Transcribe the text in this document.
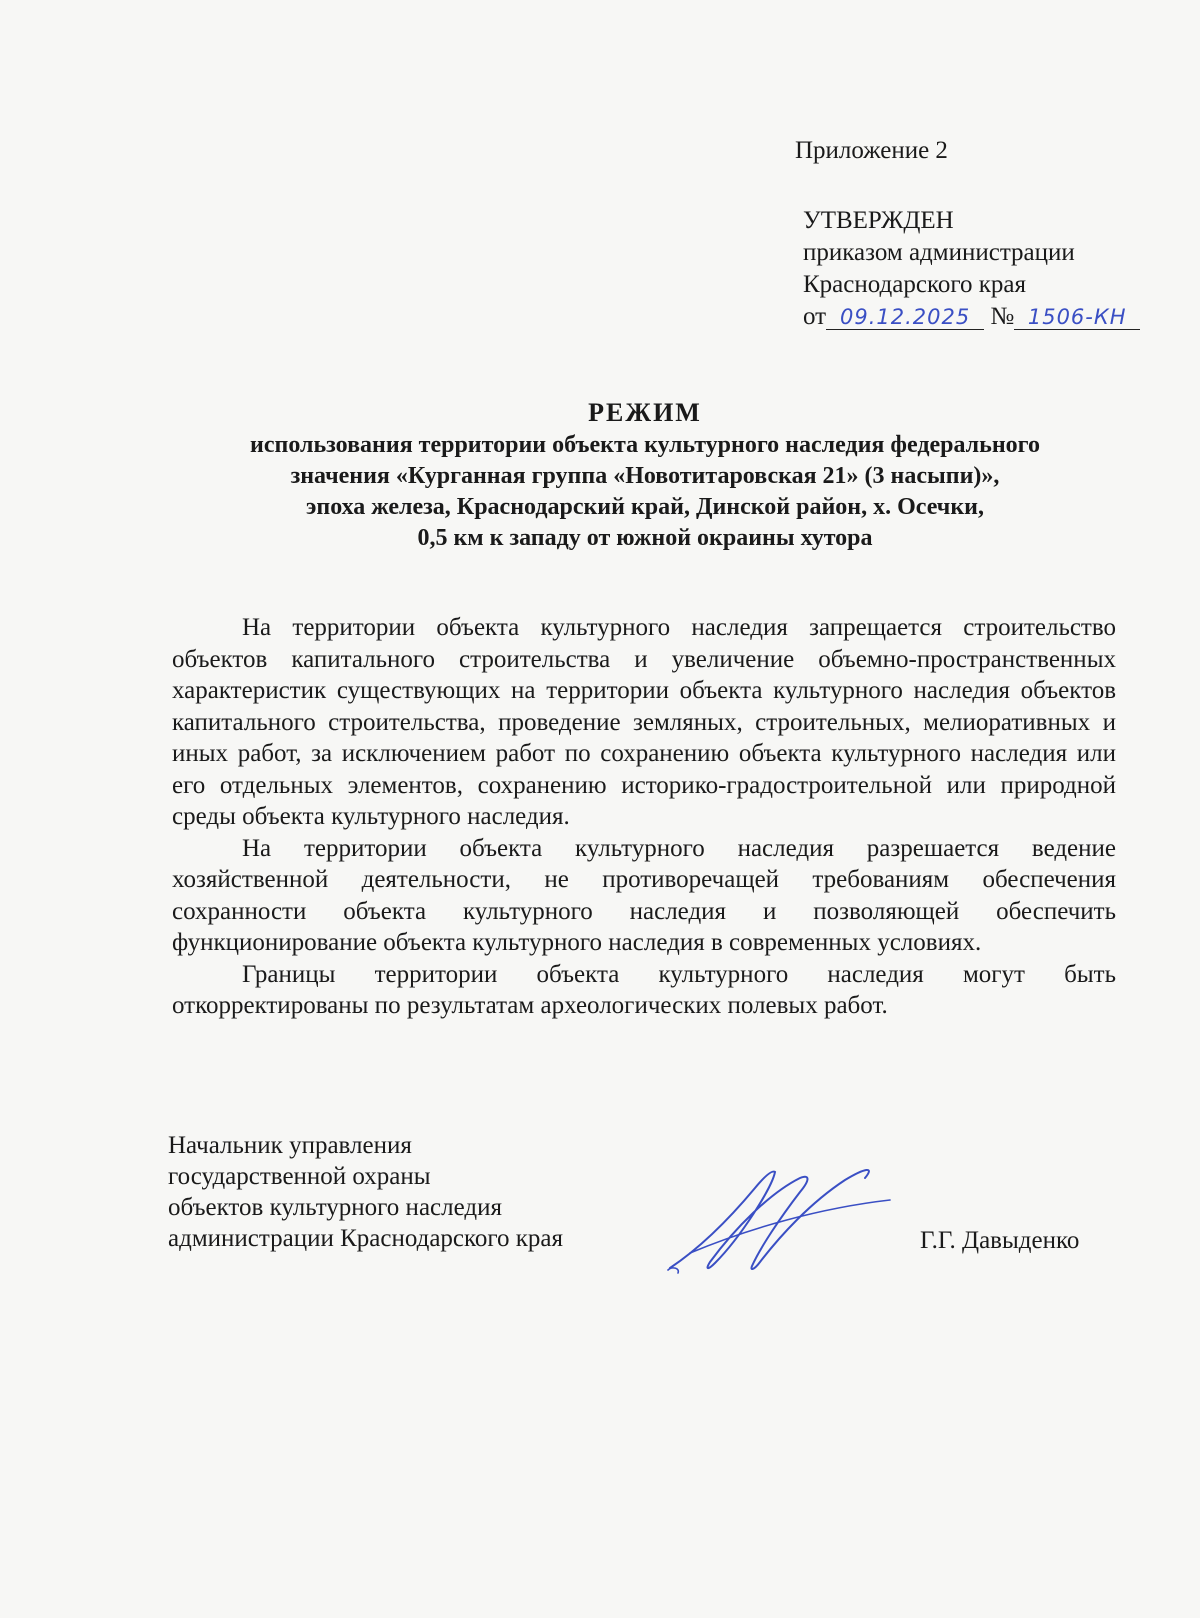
Приложение 2
УТВЕРЖДЕН
приказом администрации
Краснодарского края
от 09.12.2025 № 1506-КН
РЕЖИМ
использования территории объекта культурного наследия федерального
значения «Курганная группа «Новотитаровская 21» (3 насыпи)»,
эпоха железа, Краснодарский край, Динской район, х. Осечки,
0,5 км к западу от южной окраины хутора

На территории объекта культурного наследия запрещается строительство объектов капитального строительства и увеличение объемно-пространственных характеристик существующих на территории объекта культурного наследия объектов капитального строительства, проведение земляных, строительных, мелиоративных и иных работ, за исключением работ по сохранению объекта культурного наследия или его отдельных элементов, сохранению историко-градостроительной или природной среды объекта культурного наследия.

На территории объекта культурного наследия разрешается ведение хозяйственной деятельности, не противоречащей требованиям обеспечения сохранности объекта культурного наследия и позволяющей обеспечить функционирование объекта культурного наследия в современных условиях.

Границы территории объекта культурного наследия могут быть откорректированы по результатам археологических полевых работ.

Начальник управления
государственной охраны
объектов культурного наследия
администрации Краснодарского края	Г.Г. Давыденко
